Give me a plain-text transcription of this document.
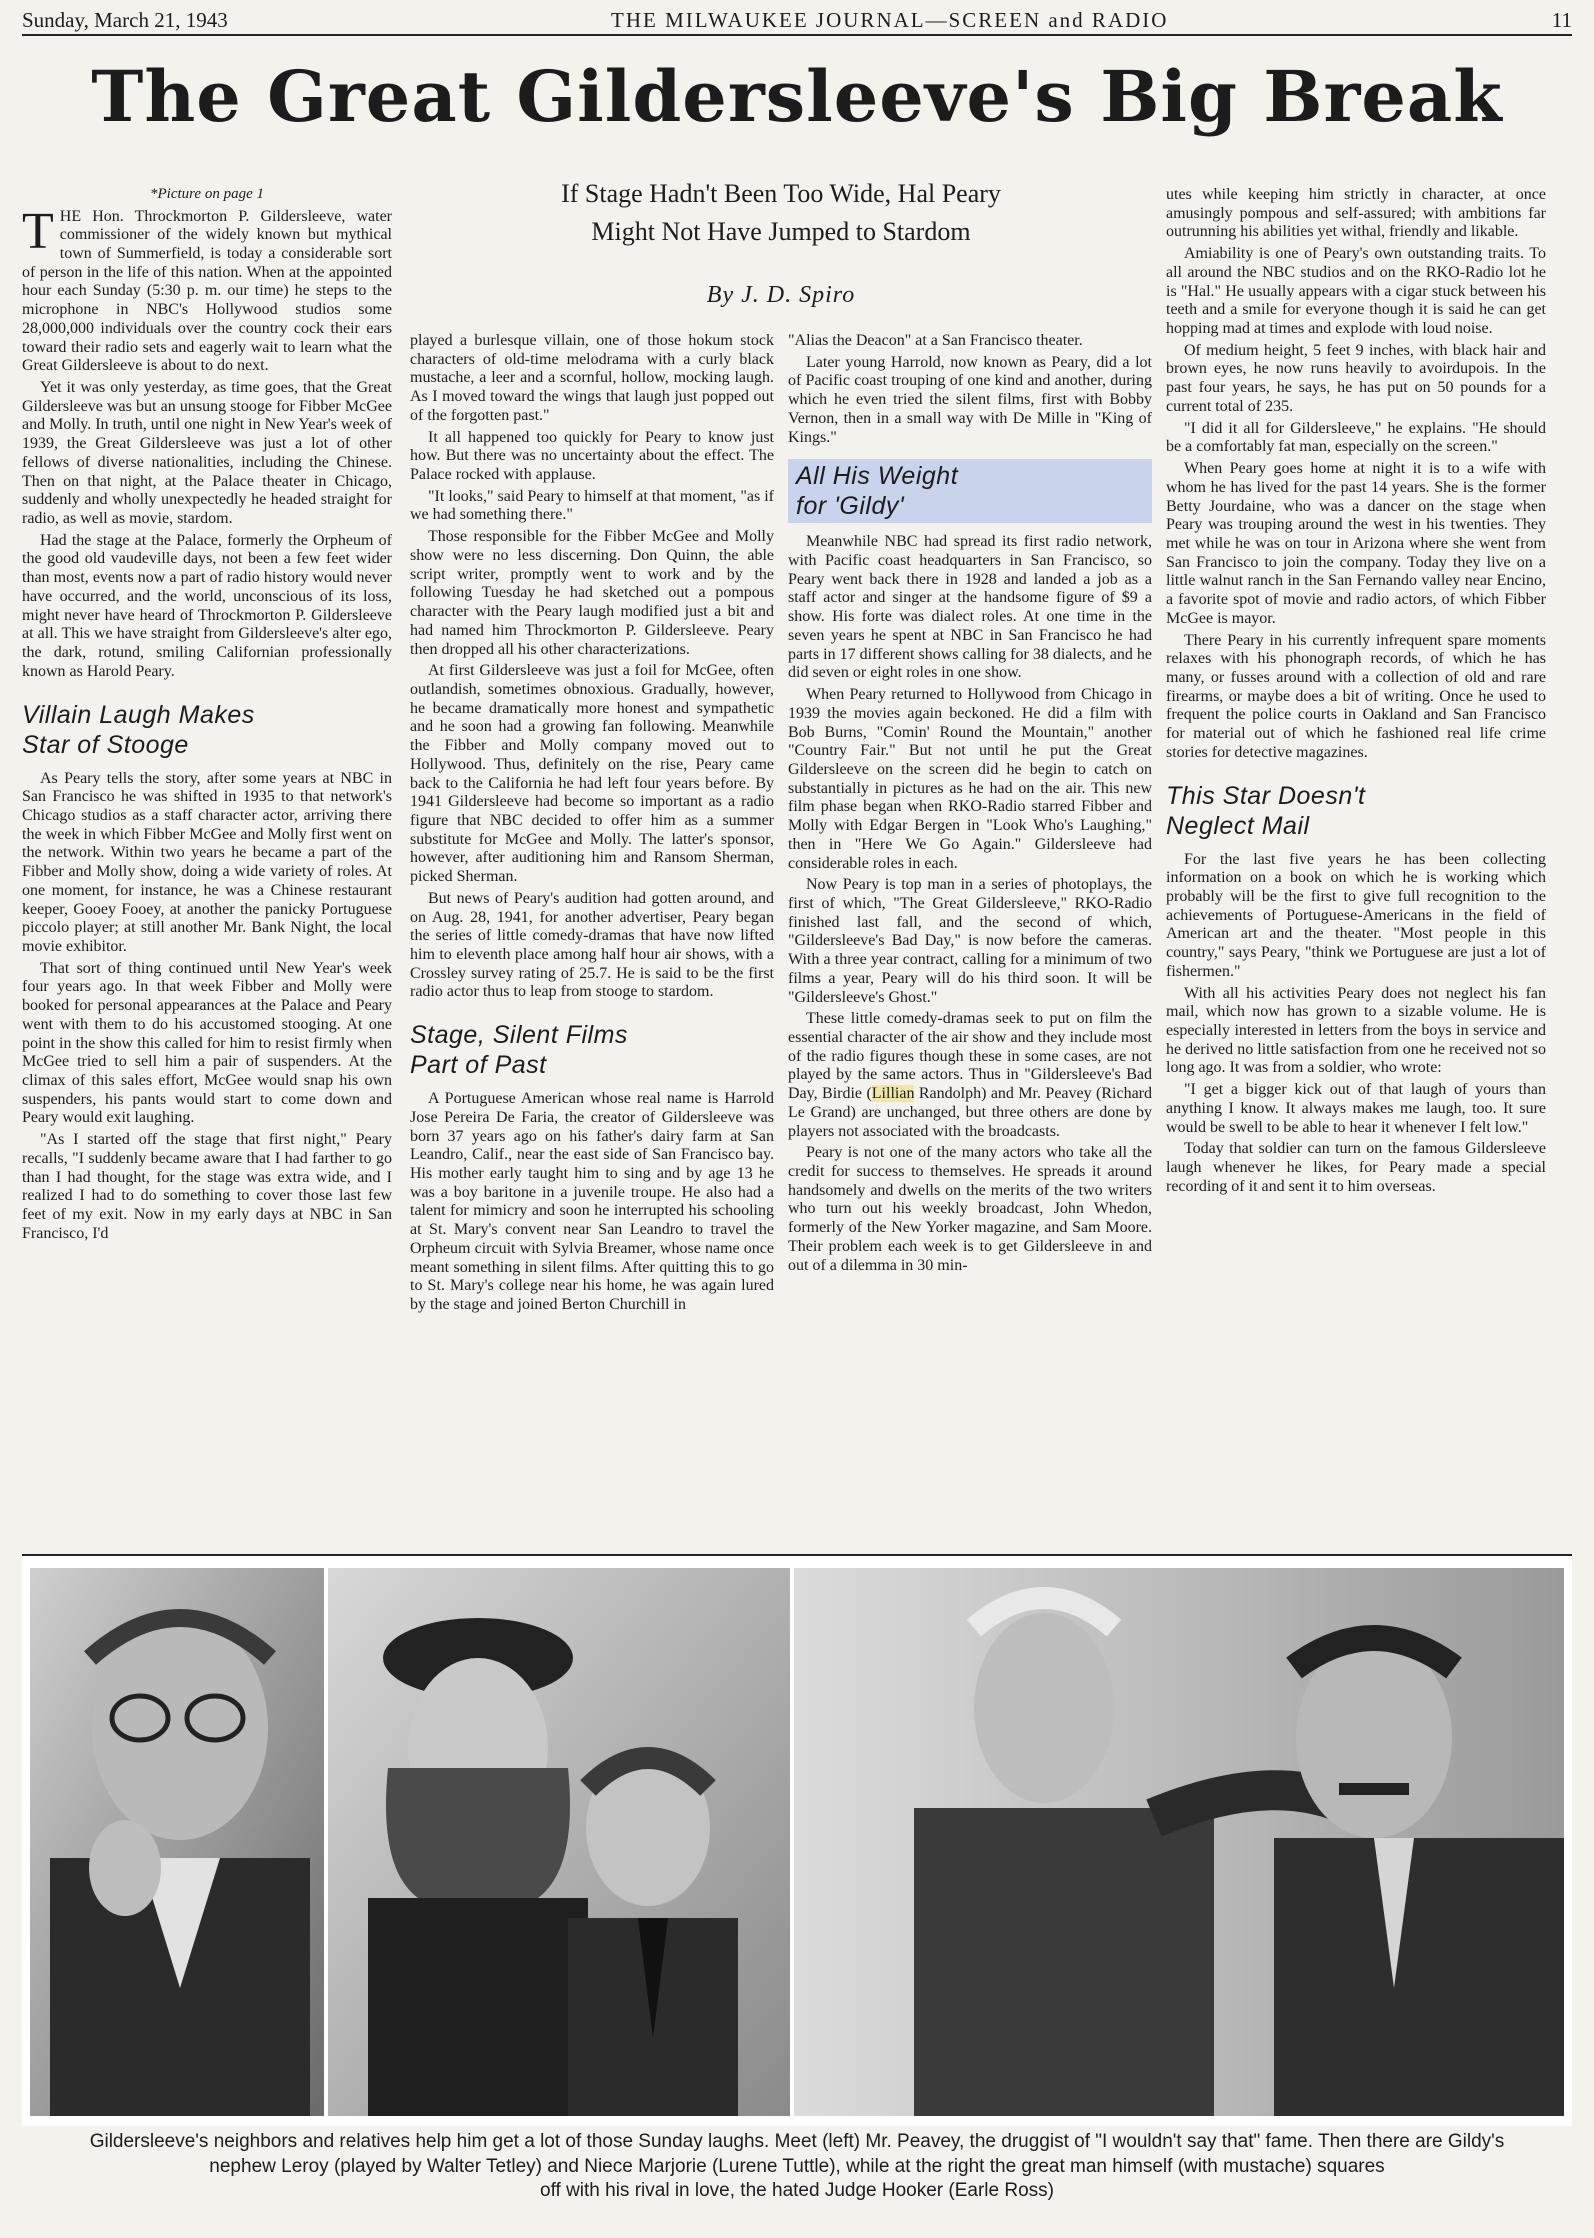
Sunday, March 21, 1943	THE MILWAUKEE JOURNAL—SCREEN and RADIO	11
The Great Gildersleeve's Big Break
If Stage Hadn't Been Too Wide, Hal Peary
Might Not Have Jumped to Stardom
By J. D. Spiro
*Picture on page 1

THE Hon. Throckmorton P. Gildersleeve, water commissioner of the widely known but mythical town of Summerfield, is today a considerable sort of person in the life of this nation. When at the appointed hour each Sunday (5:30 p. m. our time) he steps to the microphone in NBC's Hollywood studios some 28,000,000 individuals over the country cock their ears toward their radio sets and eagerly wait to learn what the Great Gildersleeve is about to do next.

Yet it was only yesterday, as time goes, that the Great Gildersleeve was but an unsung stooge for Fibber McGee and Molly. In truth, until one night in New Year's week of 1939, the Great Gildersleeve was just a lot of other fellows of diverse nationalities, including the Chinese. Then on that night, at the Palace theater in Chicago, suddenly and wholly unexpectedly he headed straight for radio, as well as movie, stardom.

Had the stage at the Palace, formerly the Orpheum of the good old vaudeville days, not been a few feet wider than most, events now a part of radio history would never have occurred, and the world, unconscious of its loss, might never have heard of Throckmorton P. Gildersleeve at all. This we have straight from Gildersleeve's alter ego, the dark, rotund, smiling Californian professionally known as Harold Peary.

Villain Laugh Makes
Star of Stooge

As Peary tells the story, after some years at NBC in San Francisco he was shifted in 1935 to that network's Chicago studios as a staff character actor, arriving there the week in which Fibber McGee and Molly first went on the network. Within two years he became a part of the Fibber and Molly show, doing a wide variety of roles. At one moment, for instance, he was a Chinese restaurant keeper, Gooey Fooey, at another the panicky Portuguese piccolo player; at still another Mr. Bank Night, the local movie exhibitor.

That sort of thing continued until New Year's week four years ago. In that week Fibber and Molly were booked for personal appearances at the Palace and Peary went with them to do his accustomed stooging. At one point in the show this called for him to resist firmly when McGee tried to sell him a pair of suspenders. At the climax of this sales effort, McGee would snap his own suspenders, his pants would start to come down and Peary would exit laughing.

"As I started off the stage that first night," Peary recalls, "I suddenly became aware that I had farther to go than I had thought, for the stage was extra wide, and I realized I had to do something to cover those last few feet of my exit. Now in my early days at NBC in San Francisco, I'd

played a burlesque villain, one of those hokum stock characters of old-time melodrama with a curly black mustache, a leer and a scornful, hollow, mocking laugh. As I moved toward the wings that laugh just popped out of the forgotten past."

It all happened too quickly for Peary to know just how. But there was no uncertainty about the effect. The Palace rocked with applause.

"It looks," said Peary to himself at that moment, "as if we had something there."

Those responsible for the Fibber McGee and Molly show were no less discerning. Don Quinn, the able script writer, promptly went to work and by the following Tuesday he had sketched out a pompous character with the Peary laugh modified just a bit and had named him Throckmorton P. Gildersleeve. Peary then dropped all his other characterizations.

At first Gildersleeve was just a foil for McGee, often outlandish, sometimes obnoxious. Gradually, however, he became dramatically more honest and sympathetic and he soon had a growing fan following. Meanwhile the Fibber and Molly company moved out to Hollywood. Thus, definitely on the rise, Peary came back to the California he had left four years before. By 1941 Gildersleeve had become so important as a radio figure that NBC decided to offer him as a summer substitute for McGee and Molly. The latter's sponsor, however, after auditioning him and Ransom Sherman, picked Sherman.

But news of Peary's audition had gotten around, and on Aug. 28, 1941, for another advertiser, Peary began the series of little comedy-dramas that have now lifted him to eleventh place among half hour air shows, with a Crossley survey rating of 25.7. He is said to be the first radio actor thus to leap from stooge to stardom.

Stage, Silent Films
Part of Past

A Portuguese American whose real name is Harrold Jose Pereira De Faria, the creator of Gildersleeve was born 37 years ago on his father's dairy farm at San Leandro, Calif., near the east side of San Francisco bay. His mother early taught him to sing and by age 13 he was a boy baritone in a juvenile troupe. He also had a talent for mimicry and soon he interrupted his schooling at St. Mary's convent near San Leandro to travel the Orpheum circuit with Sylvia Breamer, whose name once meant something in silent films. After quitting this to go to St. Mary's college near his home, he was again lured by the stage and joined Berton Churchill in

"Alias the Deacon" at a San Francisco theater.

Later young Harrold, now known as Peary, did a lot of Pacific coast trouping of one kind and another, during which he even tried the silent films, first with Bobby Vernon, then in a small way with De Mille in "King of Kings."

All His Weight
for 'Gildy'

Meanwhile NBC had spread its first radio network, with Pacific coast headquarters in San Francisco, so Peary went back there in 1928 and landed a job as a staff actor and singer at the handsome figure of $9 a show. His forte was dialect roles. At one time in the seven years he spent at NBC in San Francisco he had parts in 17 different shows calling for 38 dialects, and he did seven or eight roles in one show.

When Peary returned to Hollywood from Chicago in 1939 the movies again beckoned. He did a film with Bob Burns, "Comin' Round the Mountain," another "Country Fair." But not until he put the Great Gildersleeve on the screen did he begin to catch on substantially in pictures as he had on the air. This new film phase began when RKO-Radio starred Fibber and Molly with Edgar Bergen in "Look Who's Laughing," then in "Here We Go Again." Gildersleeve had considerable roles in each.

Now Peary is top man in a series of photoplays, the first of which, "The Great Gildersleeve," RKO-Radio finished last fall, and the second of which, "Gildersleeve's Bad Day," is now before the cameras. With a three year contract, calling for a minimum of two films a year, Peary will do his third soon. It will be "Gildersleeve's Ghost."

These little comedy-dramas seek to put on film the essential character of the air show and they include most of the radio figures though these in some cases, are not played by the same actors. Thus in "Gildersleeve's Bad Day, Birdie (Lillian Randolph) and Mr. Peavey (Richard Le Grand) are unchanged, but three others are done by players not associated with the broadcasts.

Peary is not one of the many actors who take all the credit for success to themselves. He spreads it around handsomely and dwells on the merits of the two writers who turn out his weekly broadcast, John Whedon, formerly of the New Yorker magazine, and Sam Moore. Their problem each week is to get Gildersleeve in and out of a dilemma in 30 min-

utes while keeping him strictly in character, at once amusingly pompous and self-assured; with ambitions far outrunning his abilities yet withal, friendly and likable.

Amiability is one of Peary's own outstanding traits. To all around the NBC studios and on the RKO-Radio lot he is "Hal." He usually appears with a cigar stuck between his teeth and a smile for everyone though it is said he can get hopping mad at times and explode with loud noise.

Of medium height, 5 feet 9 inches, with black hair and brown eyes, he now runs heavily to avoirdupois. In the past four years, he says, he has put on 50 pounds for a current total of 235.

"I did it all for Gildersleeve," he explains. "He should be a comfortably fat man, especially on the screen."

When Peary goes home at night it is to a wife with whom he has lived for the past 14 years. She is the former Betty Jourdaine, who was a dancer on the stage when Peary was trouping around the west in his twenties. They met while he was on tour in Arizona where she went from San Francisco to join the company. Today they live on a little walnut ranch in the San Fernando valley near Encino, a favorite spot of movie and radio actors, of which Fibber McGee is mayor.

There Peary in his currently infrequent spare moments relaxes with his phonograph records, of which he has many, or fusses around with a collection of old and rare firearms, or maybe does a bit of writing. Once he used to frequent the police courts in Oakland and San Francisco for material out of which he fashioned real life crime stories for detective magazines.

This Star Doesn't
Neglect Mail

For the last five years he has been collecting information on a book on which he is working which probably will be the first to give full recognition to the achievements of Portuguese-Americans in the field of American art and the theater. "Most people in this country," says Peary, "think we Portuguese are just a lot of fishermen."

With all his activities Peary does not neglect his fan mail, which now has grown to a sizable volume. He is especially interested in letters from the boys in service and he derived no little satisfaction from one he received not so long ago. It was from a soldier, who wrote:

"I get a bigger kick out of that laugh of yours than anything I know. It always makes me laugh, too. It sure would be swell to be able to hear it whenever I felt low."

Today that soldier can turn on the famous Gildersleeve laugh whenever he likes, for Peary made a special recording of it and sent it to him overseas.

Gildersleeve's neighbors and relatives help him get a lot of those Sunday laughs. Meet (left) Mr. Peavey, the druggist of "I wouldn't say that" fame. Then there are Gildy's
nephew Leroy (played by Walter Tetley) and Niece Marjorie (Lurene Tuttle), while at the right the great man himself (with mustache) squares
off with his rival in love, the hated Judge Hooker (Earle Ross)
